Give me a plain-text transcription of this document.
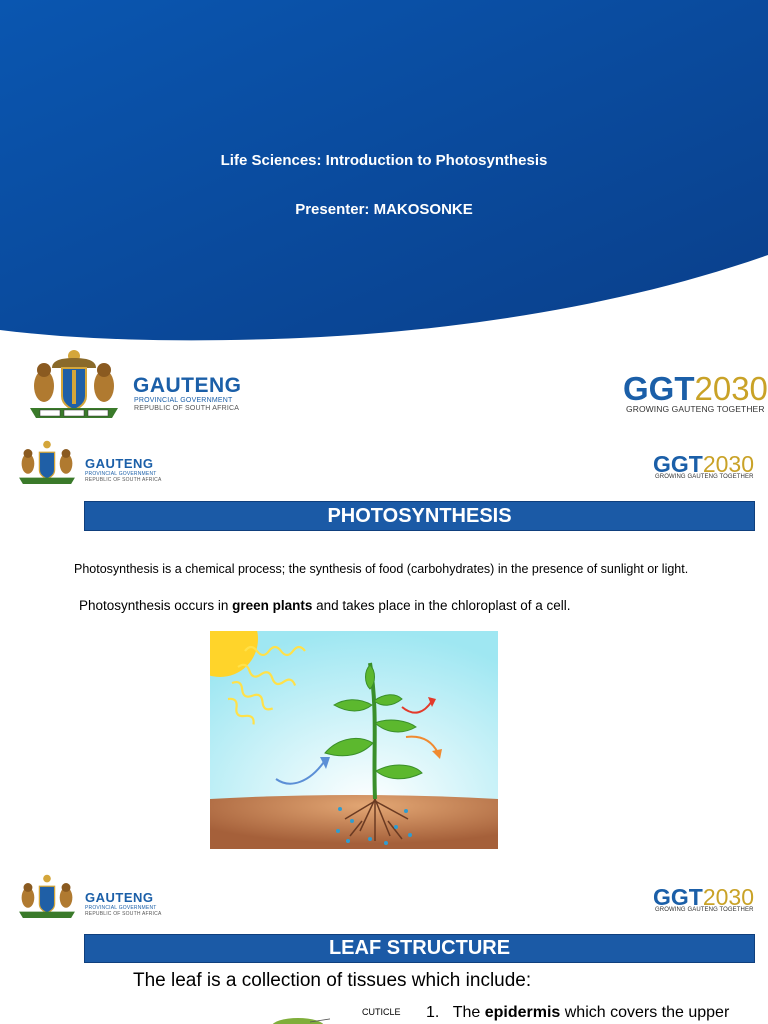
Life Sciences: Introduction to Photosynthesis
Presenter: MAKOSONKE
GAUTENG
PROVINCIAL GOVERNMENT
REPUBLIC OF SOUTH AFRICA
GGT2030
GROWING GAUTENG TOGETHER
GAUTENG
PROVINCIAL GOVERNMENT
REPUBLIC OF SOUTH AFRICA
GGT2030
GROWING GAUTENG TOGETHER
PHOTOSYNTHESIS
Photosynthesis is a chemical process; the synthesis of food (carbohydrates) in the presence of sunlight or light.
Photosynthesis occurs in green plants and takes place in the chloroplast of a cell.
GAUTENG
PROVINCIAL GOVERNMENT
REPUBLIC OF SOUTH AFRICA
GGT2030
GROWING GAUTENG TOGETHER
LEAF STRUCTURE
The leaf is a collection of tissues which include:
CUTICLE 1. The epidermis which covers the upper
